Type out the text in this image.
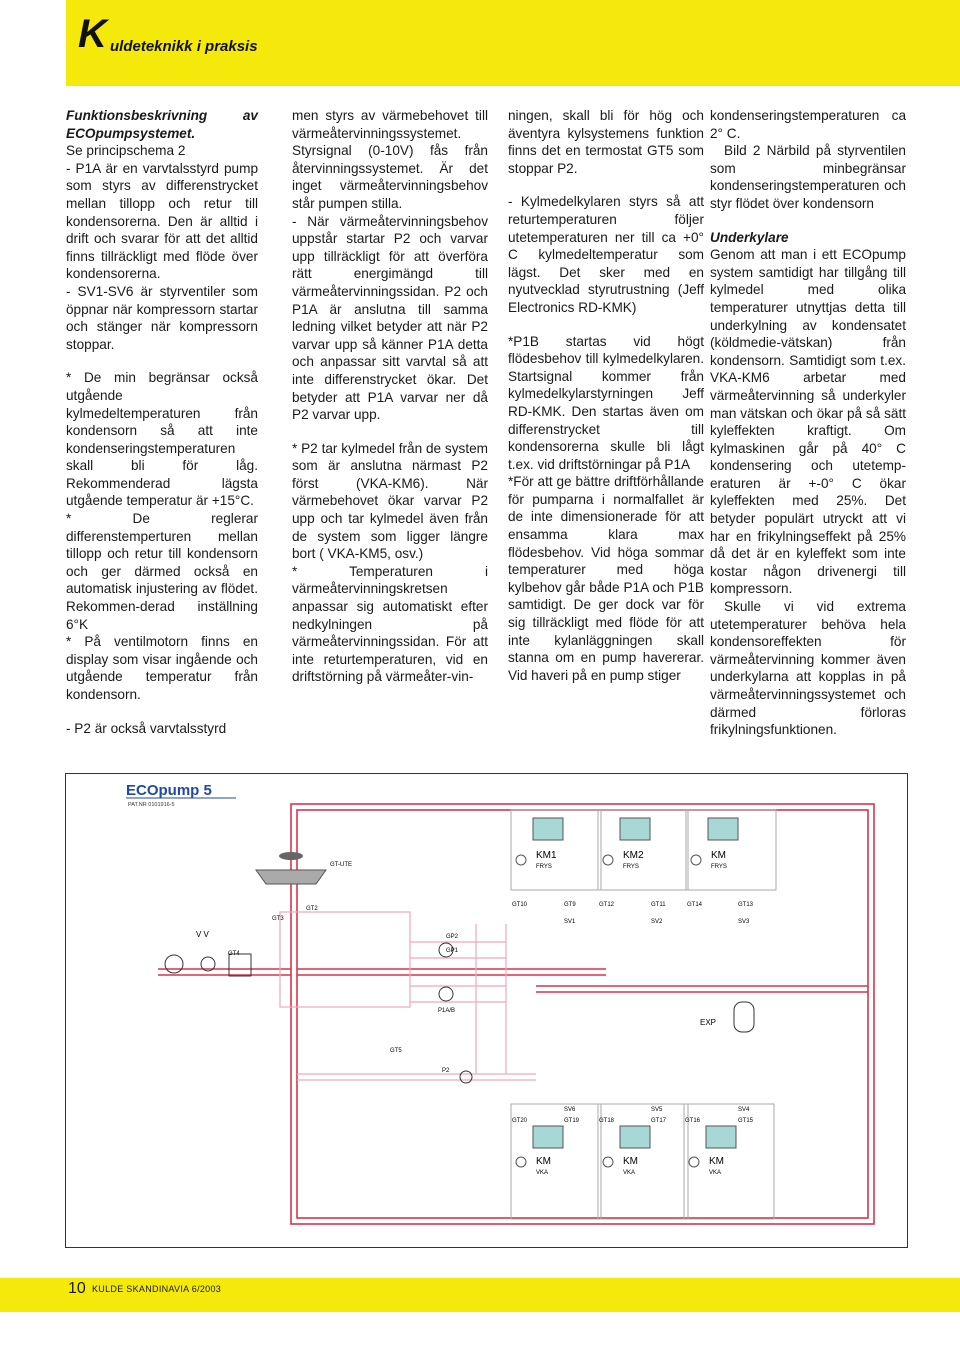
K uldeteknikk i praksis

Funktionsbeskrivning av ECOpumpsystemet.

Se principschema 2

- P1A är en varvtalsstyrd pump som styrs av differenstrycket mellan tillopp och retur till kondensorerna. Den är alltid i drift och svarar för att det alltid finns tillräckligt med flöde över kondensorerna.

- SV1-SV6 är styrventiler som öppnar när kompressorn startar och stänger när kompressorn stoppar.

* De min begränsar också utgående kylmedeltemperaturen från kondensorn så att inte kondenseringstemperaturen skall bli för låg. Rekommenderad lägsta utgående temperatur är +15°C.

* De reglerar differenstemperturen mellan tillopp och retur till kondensorn och ger därmed också en automatisk injustering av flödet. Rekommen-derad inställning 6°K

* På ventilmotorn finns en display som visar ingående och utgående temperatur från kondensorn.

- P2 är också varvtalsstyrd

men styrs av värmebehovet till värmeåtervinningssystemet. Styrsignal (0-10V) fås från återvinningssystemet. Är det inget värmeåtervinningsbehov står pumpen stilla.

- När värmeåtervinningsbehov uppstår startar P2 och varvar upp tillräckligt för att överföra rätt energimängd till värmeåtervinningssidan. P2 och P1A är anslutna till samma ledning vilket betyder att när P2 varvar upp så känner P1A detta och anpassar sitt varvtal så att inte differenstrycket ökar. Det betyder att P1A varvar ner då P2 varvar upp.

* P2 tar kylmedel från de system som är anslutna närmast P2 först (VKA-KM6). När värmebehovet ökar varvar P2 upp och tar kylmedel även från de system som ligger längre bort ( VKA-KM5, osv.)

* Temperaturen i värmeåtervinningskretsen anpassar sig automatiskt efter nedkylningen på värmeåtervinningssidan. För att inte returtemperaturen, vid en driftstörning på värmeåter-vin-

ningen, skall bli för hög och äventyra kylsystemens funktion finns det en termostat GT5 som stoppar P2.

- Kylmedelkylaren styrs så att returtemperaturen följer utetemperaturen ner till ca +0° C kylmedeltemperatur som lägst. Det sker med en nyutvecklad styrutrustning (Jeff Electronics RD-KMK)

*P1B startas vid högt flödesbehov till kylmedelkylaren. Startsignal kommer från kylmedelkylarstyrningen Jeff RD-KMK. Den startas även om differenstrycket till kondensorerna skulle bli lågt t.ex. vid driftstörningar på P1A

*För att ge bättre driftförhållande för pumparna i normalfallet är de inte dimensionerade för att ensamma klara max flödesbehov. Vid höga sommar temperaturer med höga kylbehov går både P1A och P1B samtidigt. De ger dock var för sig tillräckligt med flöde för att inte kylanläggningen skall stanna om en pump havererar. Vid haveri på en pump stiger

kondenseringstemperaturen ca 2° C.

Bild 2 Närbild på styrventilen som minbegränsar kondenseringstemperaturen och styr flödet över kondensorn

Underkylare

Genom att man i ett ECOpump system samtidigt har tillgång till kylmedel med olika temperaturer utnyttjas detta till underkylning av kondensatet (köldmedie-vätskan) från kondensorn. Samtidigt som t.ex. VKA-KM6 arbetar med värmeåtervinning så underkyler man vätskan och ökar på så sätt kyleffekten kraftigt. Om kylmaskinen går på 40° C kondensering och utetemp-eraturen är +-0° C ökar kyleffekten med 25%. Det betyder populärt utryckt att vi har en frikylningseffekt på 25% då det är en kyleffekt som inte kostar någon drivenergi till kompressorn.

Skulle vi vid extrema utetemperaturer behöva hela kondensoreffekten för värmeåtervinning kommer även underkylarna att kopplas in på värmeåtervinningssystemet och därmed förloras frikylningsfunktionen.

ECOpump 5
PAT.NR 0101916-5
KM1
FRYS
KM2
FRYS
KM
FRYS
GT10	GT9
SV1
GT12	GT11
SV2
GT14	GT13
SV3
GT20	GT19
SV6
GT18	GT17
SV5
GT16	GT15
SV4
KM
VKA
KM
VKA
KM
VKA
GT-UTE
GT2
GT3
V V
GT4
GP2
GP1
P1A/B
GT5
P2
EXP
10 KULDE SKANDINAVIA 6/2003
